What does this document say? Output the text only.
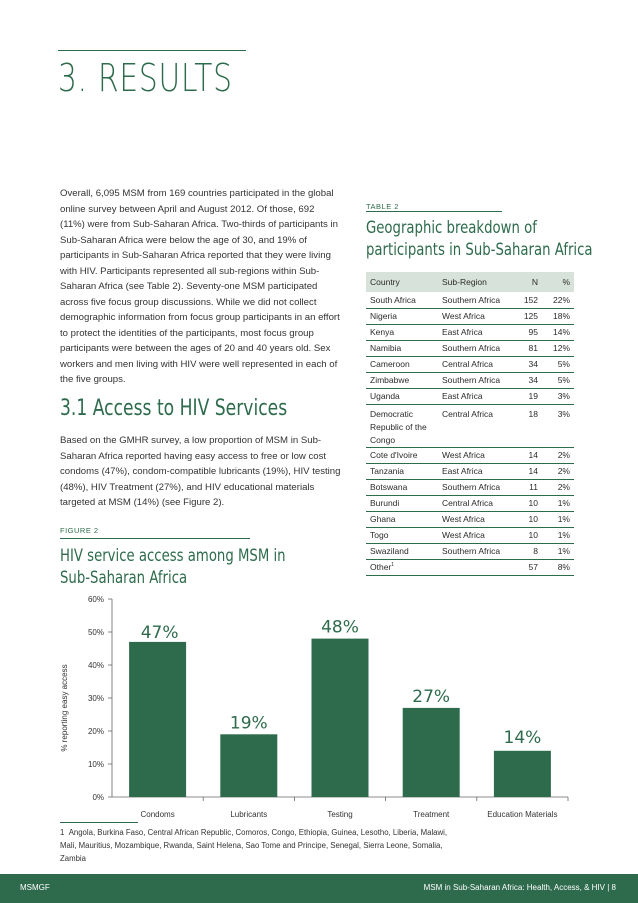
3. RESULTS

Overall, 6,095 MSM from 169 countries participated in the global online survey between April and August 2012. Of those, 692 (11%) were from Sub-Saharan Africa. Two-thirds of participants in Sub-Saharan Africa were below the age of 30, and 19% of participants in Sub-Saharan Africa reported that they were living with HIV. Participants represented all sub-regions within Sub-Saharan Africa (see Table 2). Seventy-one MSM participated across five focus group discussions. While we did not collect demographic information from focus group participants in an effort to protect the identities of the participants, most focus group participants were between the ages of 20 and 40 years old. Sex workers and men living with HIV were well represented in each of the five groups.

3.1 Access to HIV Services

Based on the GMHR survey, a low proportion of MSM in Sub-Saharan Africa reported having easy access to free or low cost condoms (47%), condom-compatible lubricants (19%), HIV testing (48%), HIV Treatment (27%), and HIV educational materials targeted at MSM (14%) (see Figure 2).

TABLE 2
Geographic breakdown of
participants in Sub-Saharan Africa
Country	Sub-Region	N	%
South Africa	Southern Africa	152	22%
Nigeria	West Africa	125	18%
Kenya	East Africa	95	14%
Namibia	Southern Africa	81	12%
Cameroon	Central Africa	34	5%
Zimbabwe	Southern Africa	34	5%
Uganda	East Africa	19	3%
Democratic Republic of the Congo	Central Africa	18	3%
Cote d'Ivoire	West Africa	14	2%
Tanzania	East Africa	14	2%
Botswana	Southern Africa	11	2%
Burundi	Central Africa	10	1%
Ghana	West Africa	10	1%
Togo	West Africa	10	1%
Swaziland	Southern Africa	8	1%
Other$^1$		57	8%
FIGURE 2
HIV service access among MSM in
Sub-Saharan Africa
0%
10%
20%
30%
40%
50%
60%
% reporting easy access
Condoms	Lubricants	Testing	Treatment	Education Materials
47%
19%
48%
27%
14%

1 Angola, Burkina Faso, Central African Republic, Comoros, Congo, Ethiopia, Guinea, Lesotho, Liberia, Malawi, Mali, Mauritius, Mozambique, Rwanda, Saint Helena, Sao Tome and Principe, Senegal, Sierra Leone, Somalia, Zambia

MSMGF	MSM in Sub-Saharan Africa: Health, Access, & HIV | 8
